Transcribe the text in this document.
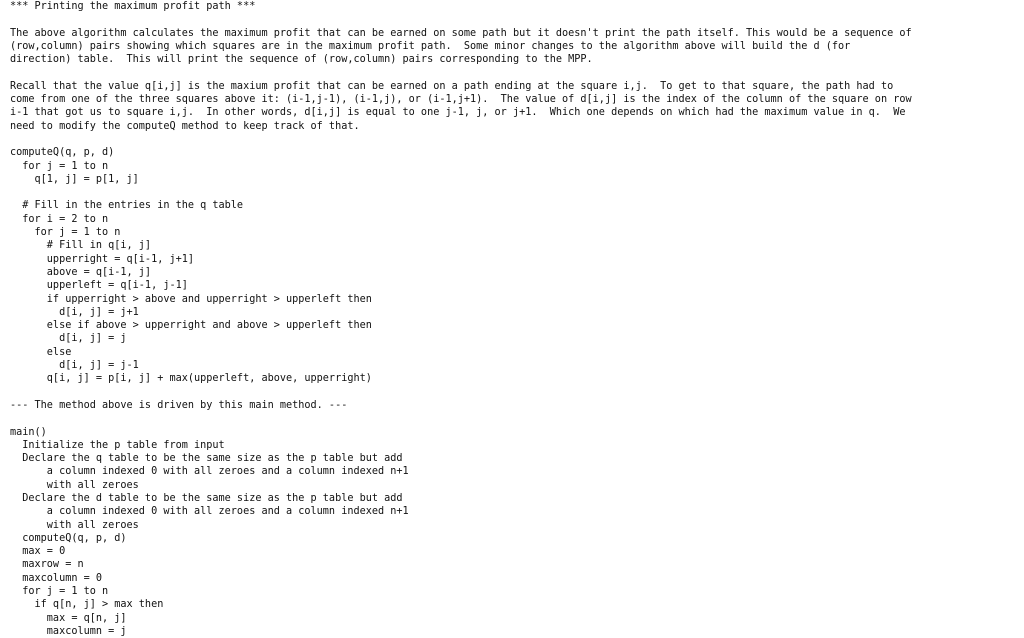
*** Printing the maximum profit path ***
The above algorithm calculates the maximum profit that can be earned on some path but it doesn't print the path itself. This would be a sequence of
(row,column) pairs showing which squares are in the maximum profit path.  Some minor changes to the algorithm above will build the d (for
direction) table.  This will print the sequence of (row,column) pairs corresponding to the MPP.
Recall that the value q[i,j] is the maxium profit that can be earned on a path ending at the square i,j.  To get to that square, the path had to
come from one of the three squares above it: (i-1,j-1), (i-1,j), or (i-1,j+1).  The value of d[i,j] is the index of the column of the square on row
i-1 that got us to square i,j.  In other words, d[i,j] is equal to one j-1, j, or j+1.  Which one depends on which had the maximum value in q.  We
need to modify the computeQ method to keep track of that.
computeQ(q, p, d)
for j = 1 to n
q[1, j] = p[1, j]
# Fill in the entries in the q table
for i = 2 to n
for j = 1 to n
# Fill in q[i, j]
upperright = q[i-1, j+1]
above = q[i-1, j]
upperleft = q[i-1, j-1]
if upperright > above and upperright > upperleft then
d[i, j] = j+1
else if above > upperright and above > upperleft then
d[i, j] = j
else
d[i, j] = j-1
q[i, j] = p[i, j] + max(upperleft, above, upperright)
--- The method above is driven by this main method. ---
main()
Initialize the p table from input
Declare the q table to be the same size as the p table but add
a column indexed 0 with all zeroes and a column indexed n+1
with all zeroes
Declare the d table to be the same size as the p table but add
a column indexed 0 with all zeroes and a column indexed n+1
with all zeroes
computeQ(q, p, d)
max = 0
maxrow = n
maxcolumn = 0
for j = 1 to n
if q[n, j] > max then
max = q[n, j]
maxcolumn = j
